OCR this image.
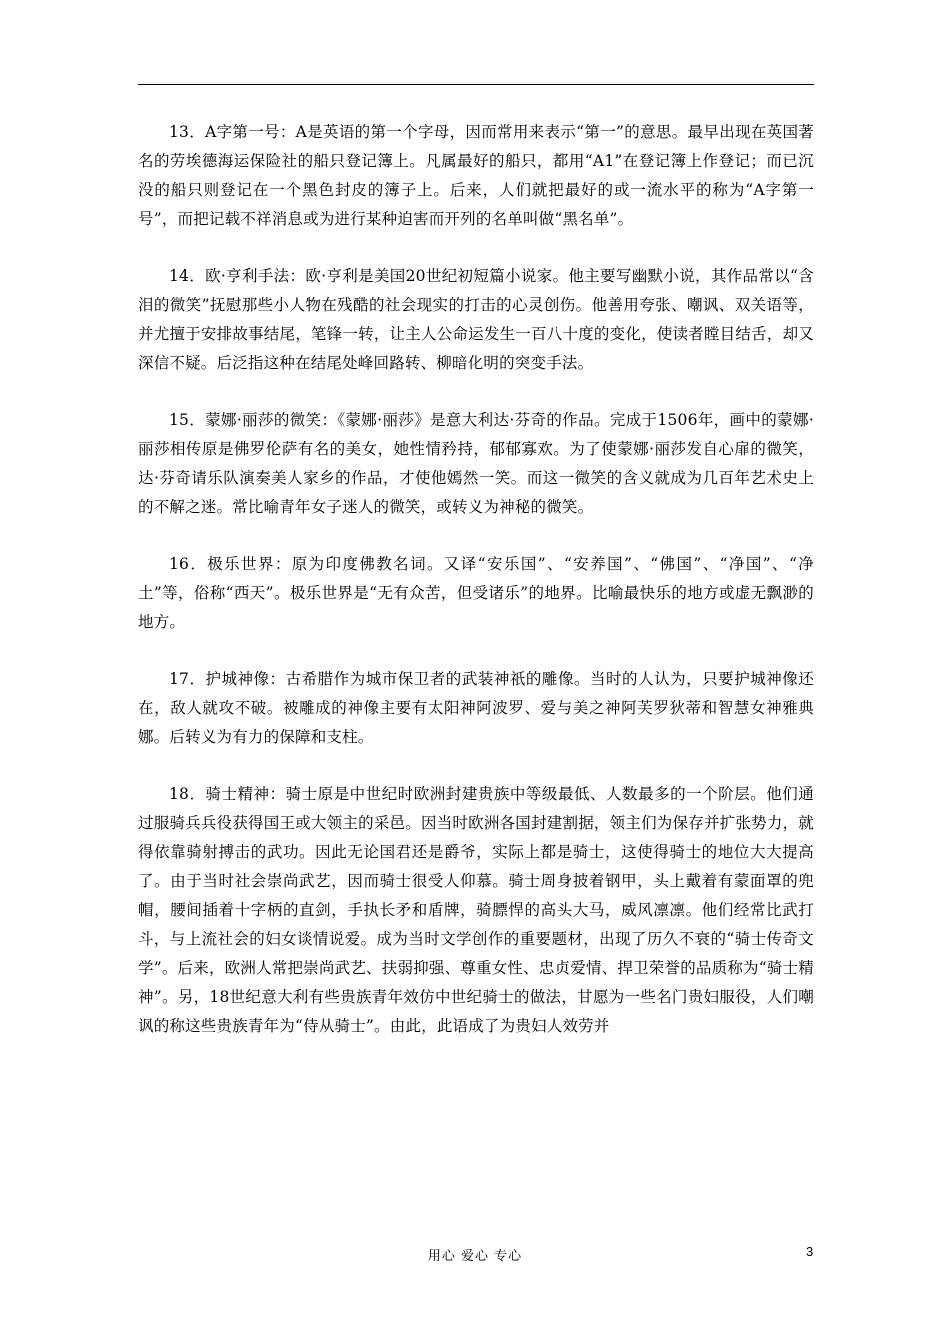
13．A字第一号：A是英语的第一个字母，因而常用来表示“第一”的意思。最早出现在英国著名的劳埃德海运保险社的船只登记簿上。凡属最好的船只，都用“A1”在登记簿上作登记；而已沉没的船只则登记在一个黑色封皮的簿子上。后来，人们就把最好的或一流水平的称为“A字第一号”，而把记载不祥消息或为进行某种迫害而开列的名单叫做“黑名单”。

14．欧·亨利手法：欧·亨利是美国20世纪初短篇小说家。他主要写幽默小说，其作品常以“含泪的微笑”抚慰那些小人物在残酷的社会现实的打击的心灵创伤。他善用夸张、嘲讽、双关语等，并尤擅于安排故事结尾，笔锋一转，让主人公命运发生一百八十度的变化，使读者瞠目结舌，却又深信不疑。后泛指这种在结尾处峰回路转、柳暗化明的突变手法。

15．蒙娜·丽莎的微笑：《蒙娜·丽莎》是意大利达·芬奇的作品。完成于1506年，画中的蒙娜·丽莎相传原是佛罗伦萨有名的美女，她性情矜持，郁郁寡欢。为了使蒙娜·丽莎发自心扉的微笑，达·芬奇请乐队演奏美人家乡的作品，才使他嫣然一笑。而这一微笑的含义就成为几百年艺术史上的不解之迷。常比喻青年女子迷人的微笑，或转义为神秘的微笑。

16．极乐世界：原为印度佛教名词。又译“安乐国”、“安养国”、“佛国”、“净国”、“净土”等，俗称“西天”。极乐世界是“无有众苦，但受诸乐”的地界。比喻最快乐的地方或虚无飘渺的地方。

17．护城神像：古希腊作为城市保卫者的武装神祇的雕像。当时的人认为，只要护城神像还在，敌人就攻不破。被雕成的神像主要有太阳神阿波罗、爱与美之神阿芙罗狄蒂和智慧女神雅典娜。后转义为有力的保障和支柱。

18．骑士精神：骑士原是中世纪时欧洲封建贵族中等级最低、人数最多的一个阶层。他们通过服骑兵兵役获得国王或大领主的采邑。因当时欧洲各国封建割据，领主们为保存并扩张势力，就得依靠骑射搏击的武功。因此无论国君还是爵爷，实际上都是骑士，这使得骑士的地位大大提高了。由于当时社会崇尚武艺，因而骑士很受人仰慕。骑士周身披着钢甲，头上戴着有蒙面罩的兜帽，腰间插着十字柄的直剑，手执长矛和盾牌，骑膘悍的高头大马，威风凛凛。他们经常比武打斗，与上流社会的妇女谈情说爱。成为当时文学创作的重要题材，出现了历久不衰的“骑士传奇文学”。后来，欧洲人常把崇尚武艺、扶弱抑强、尊重女性、忠贞爱情、捍卫荣誉的品质称为“骑士精神”。另，18世纪意大利有些贵族青年效仿中世纪骑士的做法，甘愿为一些名门贵妇服役，人们嘲讽的称这些贵族青年为“侍从骑士”。由此，此语成了为贵妇人效劳并

用心 爱心 专心	3
